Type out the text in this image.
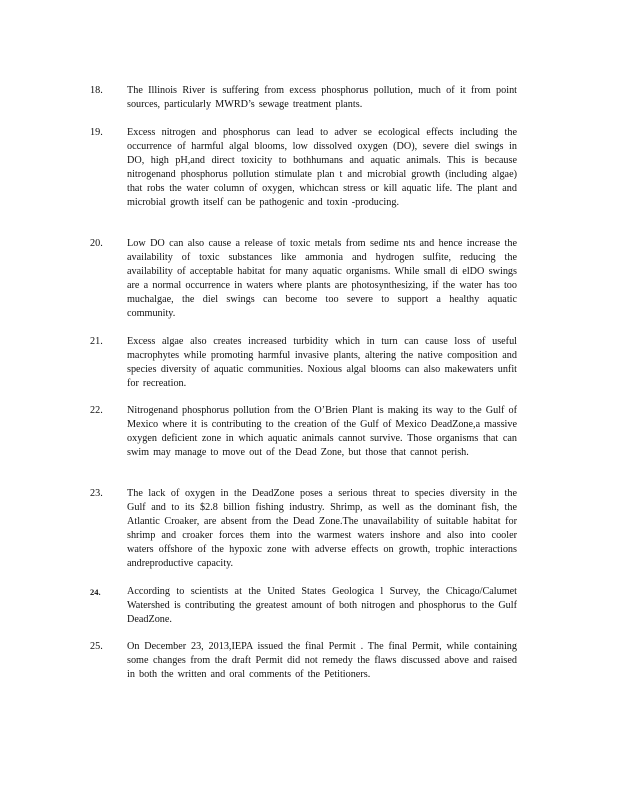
18.	The Illinois River is suffering from excess phosphorus pollution, much of it from point sources, particularly MWRD’s sewage treatment plants.
19.	Excess nitrogen and phosphorus can lead to adver se ecological effects including the occurrence of harmful algal blooms, low dissolved oxygen (DO), severe diel swings in DO, high pH,and direct toxicity to bothhumans and aquatic animals. This is because nitrogenand phosphorus pollution stimulate plan t and microbial growth (including algae) that robs the water column of oxygen, whichcan stress or kill aquatic life. The plant and microbial growth itself can be pathogenic and toxin -producing.
20.	Low DO can also cause a release of toxic metals from sedime nts and hence increase the availability of toxic substances like ammonia and hydrogen sulfite, reducing the availability of acceptable habitat for many aquatic organisms. While small di elDO swings are a normal occurrence in waters where plants are photosynthesizing, if the water has too muchalgae, the diel swings can become too severe to support a healthy aquatic community.
21.	Excess algae also creates increased turbidity which in turn can cause loss of useful macrophytes while promoting harmful invasive plants, altering the native composition and species diversity of aquatic communities. Noxious algal blooms can also makewaters unfit for recreation.
22.	Nitrogenand phosphorus pollution from the O’Brien Plant is making its way to the Gulf of Mexico where it is contributing to the creation of the Gulf of Mexico DeadZone,a massive oxygen deficient zone in which aquatic animals cannot survive. Those organisms that can swim may manage to move out of the Dead Zone, but those that cannot perish.
23.	The lack of oxygen in the DeadZone poses a serious threat to species diversity in the Gulf and to its $2.8 billion fishing industry. Shrimp, as well as the dominant fish, the Atlantic Croaker, are absent from the Dead Zone.The unavailability of suitable habitat for shrimp and croaker forces them into the warmest waters inshore and also into cooler waters offshore of the hypoxic zone with adverse effects on growth, trophic interactions andreproductive capacity.
24.	According to scientists at the United States Geologica l Survey, the Chicago/Calumet Watershed is contributing the greatest amount of both nitrogen and phosphorus to the Gulf DeadZone.
25.	On December 23, 2013,IEPA issued the final Permit . The final Permit, while containing some changes from the draft Permit did not remedy the flaws discussed above and raised in both the written and oral comments of the Petitioners.
